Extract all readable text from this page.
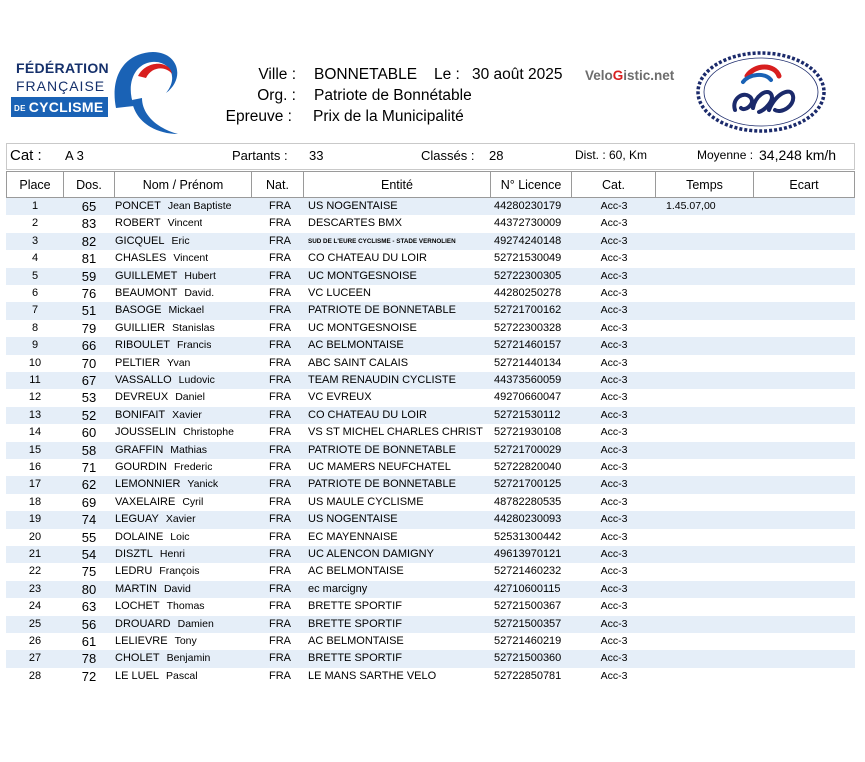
FÉDÉRATION
FRANÇAISE
DE CYCLISME
Ville : BONNETABLE Le : 30 août 2025
Org. : Patriote de Bonnétable
Epreuve : Prix de la Municipalité
VeloGistic.net
Cat : A 3	Partants : 33	Classés : 28	Dist. : 60, Km	Moyenne : 34,248 km/h
Place	Dos.	Nom / Prénom	Nat.	Entité	N° Licence	Cat.	Temps	Ecart
1	65	PONCET Jean Baptiste	FRA	US NOGENTAISE	44280230179	Acc-3	1.45.07,00
2	83	ROBERT Vincent	FRA	DESCARTES BMX	44372730009	Acc-3
3	82	GICQUEL Eric	FRA	SUD DE L'EURE CYCLISME - STADE VERNOLIEN	49274240148	Acc-3
4	81	CHASLES Vincent	FRA	CO CHATEAU DU LOIR	52721530049	Acc-3
5	59	GUILLEMET Hubert	FRA	UC MONTGESNOISE	52722300305	Acc-3
6	76	BEAUMONT David.	FRA	VC LUCEEN	44280250278	Acc-3
7	51	BASOGE Mickael	FRA	PATRIOTE DE BONNETABLE	52721700162	Acc-3
8	79	GUILLIER Stanislas	FRA	UC MONTGESNOISE	52722300328	Acc-3
9	66	RIBOULET Francis	FRA	AC BELMONTAISE	52721460157	Acc-3
10	70	PELTIER Yvan	FRA	ABC SAINT CALAIS	52721440134	Acc-3
11	67	VASSALLO Ludovic	FRA	TEAM RENAUDIN CYCLISTE	44373560059	Acc-3
12	53	DEVREUX Daniel	FRA	VC EVREUX	49270660047	Acc-3
13	52	BONIFAIT Xavier	FRA	CO CHATEAU DU LOIR	52721530112	Acc-3
14	60	JOUSSELIN Christophe	FRA	VS ST MICHEL CHARLES CHRIST	52721930108	Acc-3
15	58	GRAFFIN Mathias	FRA	PATRIOTE DE BONNETABLE	52721700029	Acc-3
16	71	GOURDIN Frederic	FRA	UC MAMERS NEUFCHATEL	52722820040	Acc-3
17	62	LEMONNIER Yanick	FRA	PATRIOTE DE BONNETABLE	52721700125	Acc-3
18	69	VAXELAIRE Cyril	FRA	US MAULE CYCLISME	48782280535	Acc-3
19	74	LEGUAY Xavier	FRA	US NOGENTAISE	44280230093	Acc-3
20	55	DOLAINE Loic	FRA	EC MAYENNAISE	52531300442	Acc-3
21	54	DISZTL Henri	FRA	UC ALENCON DAMIGNY	49613970121	Acc-3
22	75	LEDRU François	FRA	AC BELMONTAISE	52721460232	Acc-3
23	80	MARTIN David	FRA	ec marcigny	42710600115	Acc-3
24	63	LOCHET Thomas	FRA	BRETTE SPORTIF	52721500367	Acc-3
25	56	DROUARD Damien	FRA	BRETTE SPORTIF	52721500357	Acc-3
26	61	LELIEVRE Tony	FRA	AC BELMONTAISE	52721460219	Acc-3
27	78	CHOLET Benjamin	FRA	BRETTE SPORTIF	52721500360	Acc-3
28	72	LE LUEL Pascal	FRA	LE MANS SARTHE VELO	52722850781	Acc-3
